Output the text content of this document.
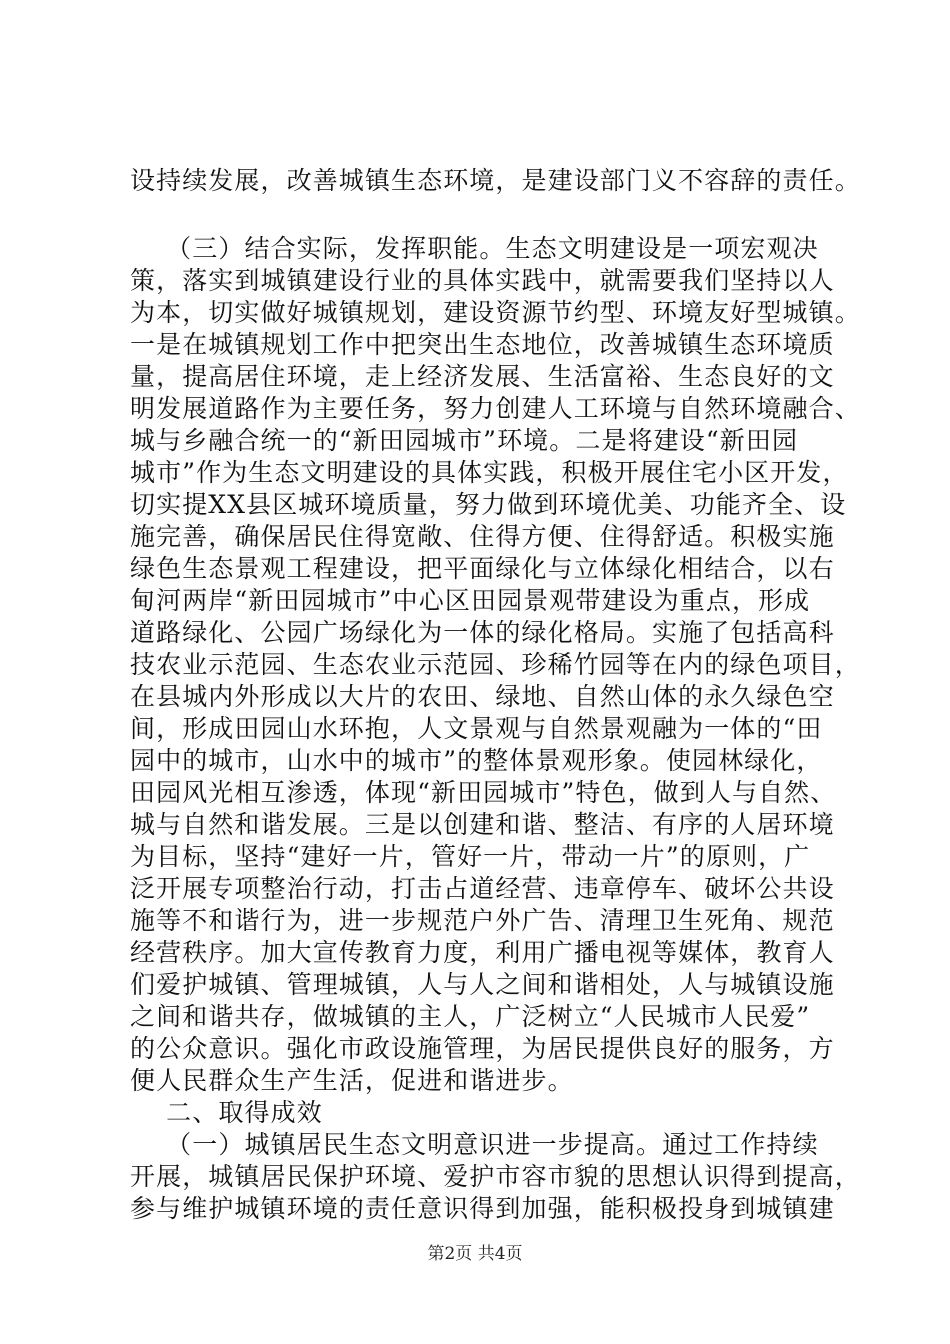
设持续发展，改善城镇生态环境，是建设部门义不容辞的责任。
（三）结合实际，发挥职能。生态文明建设是一项宏观决
策，落实到城镇建设行业的具体实践中，就需要我们坚持以人
为本，切实做好城镇规划，建设资源节约型、环境友好型城镇。
一是在城镇规划工作中把突出生态地位，改善城镇生态环境质
量，提高居住环境，走上经济发展、生活富裕、生态良好的文
明发展道路作为主要任务，努力创建人工环境与自然环境融合、
城与乡融合统一的“新田园城市”环境。二是将建设“新田园
城市”作为生态文明建设的具体实践，积极开展住宅小区开发，
切实提XX县区城环境质量，努力做到环境优美、功能齐全、设
施完善，确保居民住得宽敞、住得方便、住得舒适。积极实施
绿色生态景观工程建设，把平面绿化与立体绿化相结合，以右
甸河两岸“新田园城市”中心区田园景观带建设为重点，形成
道路绿化、公园广场绿化为一体的绿化格局。实施了包括高科
技农业示范园、生态农业示范园、珍稀竹园等在内的绿色项目，
在县城内外形成以大片的农田、绿地、自然山体的永久绿色空
间，形成田园山水环抱，人文景观与自然景观融为一体的“田
园中的城市，山水中的城市”的整体景观形象。使园林绿化，
田园风光相互渗透，体现“新田园城市”特色，做到人与自然、
城与自然和谐发展。三是以创建和谐、整洁、有序的人居环境
为目标，坚持“建好一片，管好一片，带动一片”的原则，广
泛开展专项整治行动，打击占道经营、违章停车、破坏公共设
施等不和谐行为，进一步规范户外广告、清理卫生死角、规范
经营秩序。加大宣传教育力度，利用广播电视等媒体，教育人
们爱护城镇、管理城镇，人与人之间和谐相处，人与城镇设施
之间和谐共存，做城镇的主人，广泛树立“人民城市人民爱”
的公众意识。强化市政设施管理，为居民提供良好的服务，方
便人民群众生产生活，促进和谐进步。
二、取得成效
（一）城镇居民生态文明意识进一步提高。通过工作持续
开展，城镇居民保护环境、爱护市容市貌的思想认识得到提高，
参与维护城镇环境的责任意识得到加强，能积极投身到城镇建
第2页 共4页
